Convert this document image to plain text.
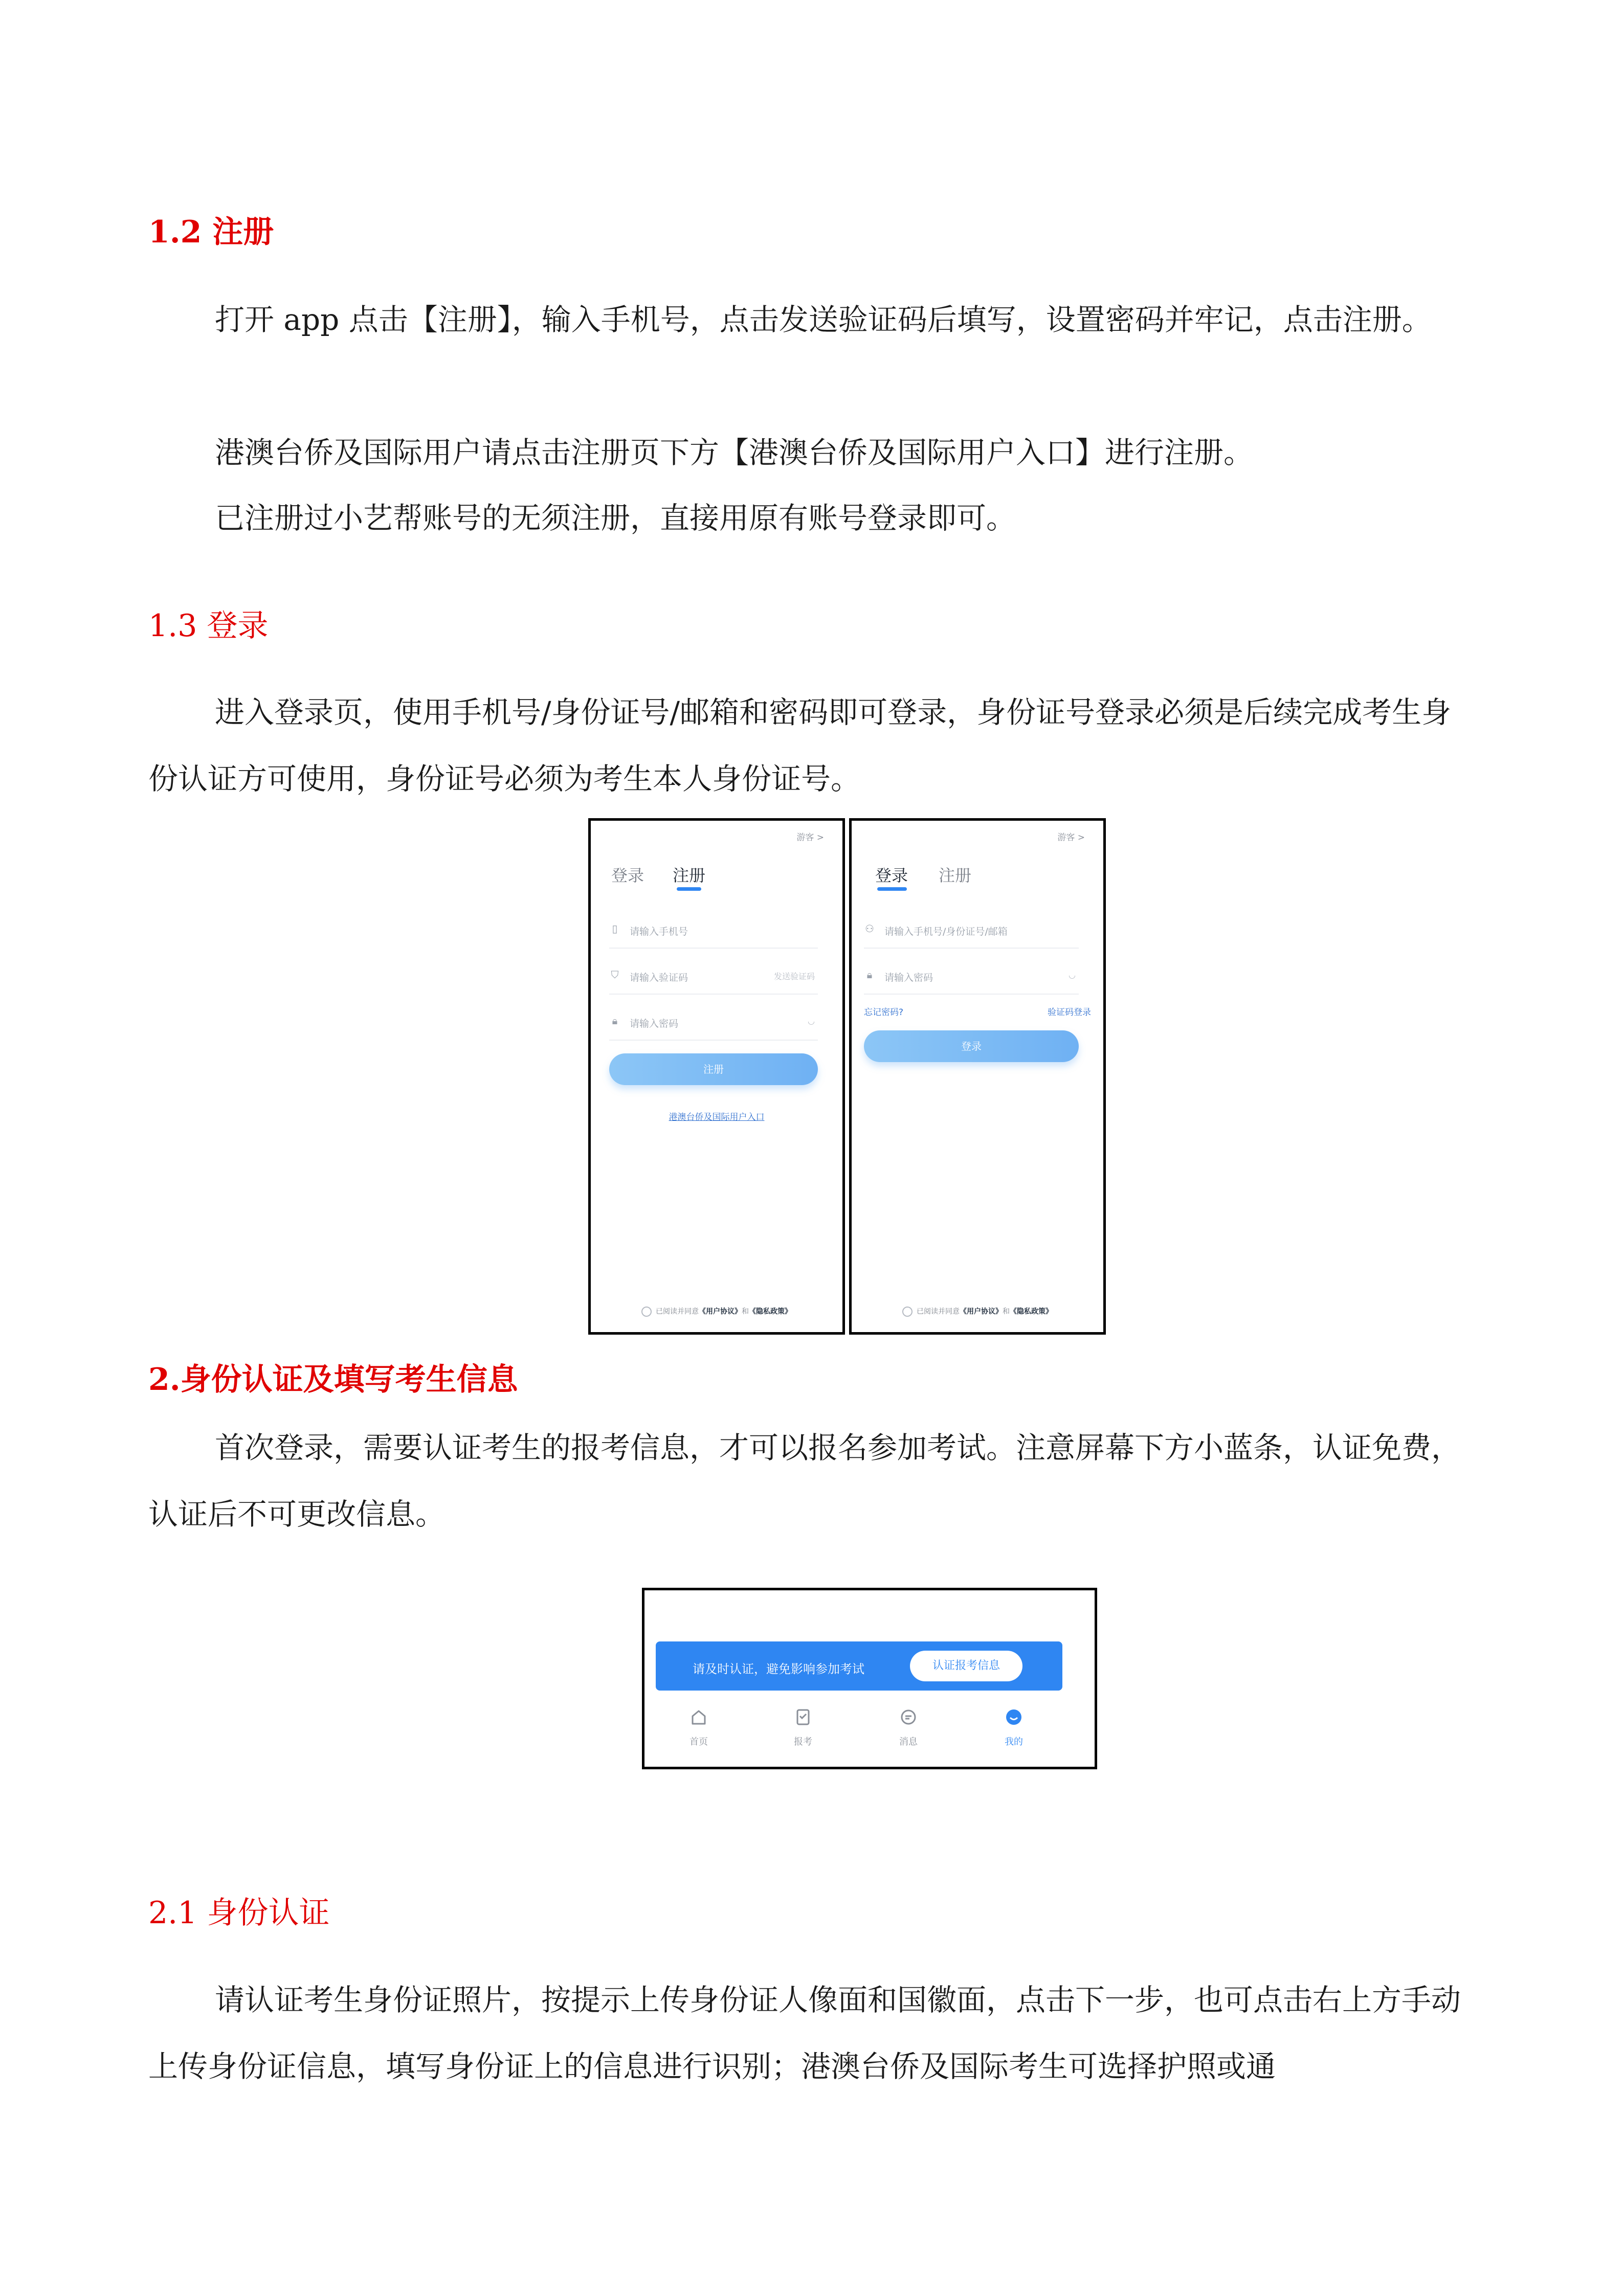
1.2 注册
打开 app 点击【注册】，输入手机号，点击发送验证码后填写，设置密码并牢记，点击注册。
港澳台侨及国际用户请点击注册页下方【港澳台侨及国际用户入口】进行注册。
已注册过小艺帮账号的无须注册，直接用原有账号登录即可。
1.3 登录
进入登录页，使用手机号/身份证号/邮箱和密码即可登录，身份证号登录必须是后续完成考生身份认证方可使用，身份证号必须为考生本人身份证号。
游客 >
登录 注册
▯ 请输入手机号
⛉ 请输入验证码	发送验证码
🔒︎ 请输入密码	◡
注册
港澳台侨及国际用户入口
已阅读并同意《用户协议》和《隐私政策》
游客 >
登录 注册
⚇ 请输入手机号/身份证号/邮箱
🔒︎ 请输入密码	◡
忘记密码?	验证码登录
登录
已阅读并同意《用户协议》和《隐私政策》
2.身份认证及填写考生信息
首次登录，需要认证考生的报考信息，才可以报名参加考试。注意屏幕下方小蓝条，认证免费，认证后不可更改信息。
请及时认证，避免影响参加考试	认证报考信息
首页	报考	消息	我的
2.1 身份认证
请认证考生身份证照片，按提示上传身份证人像面和国徽面，点击下一步，也可点击右上方手动上传身份证信息，填写身份证上的信息进行识别；港澳台侨及国际考生可选择护照或通
